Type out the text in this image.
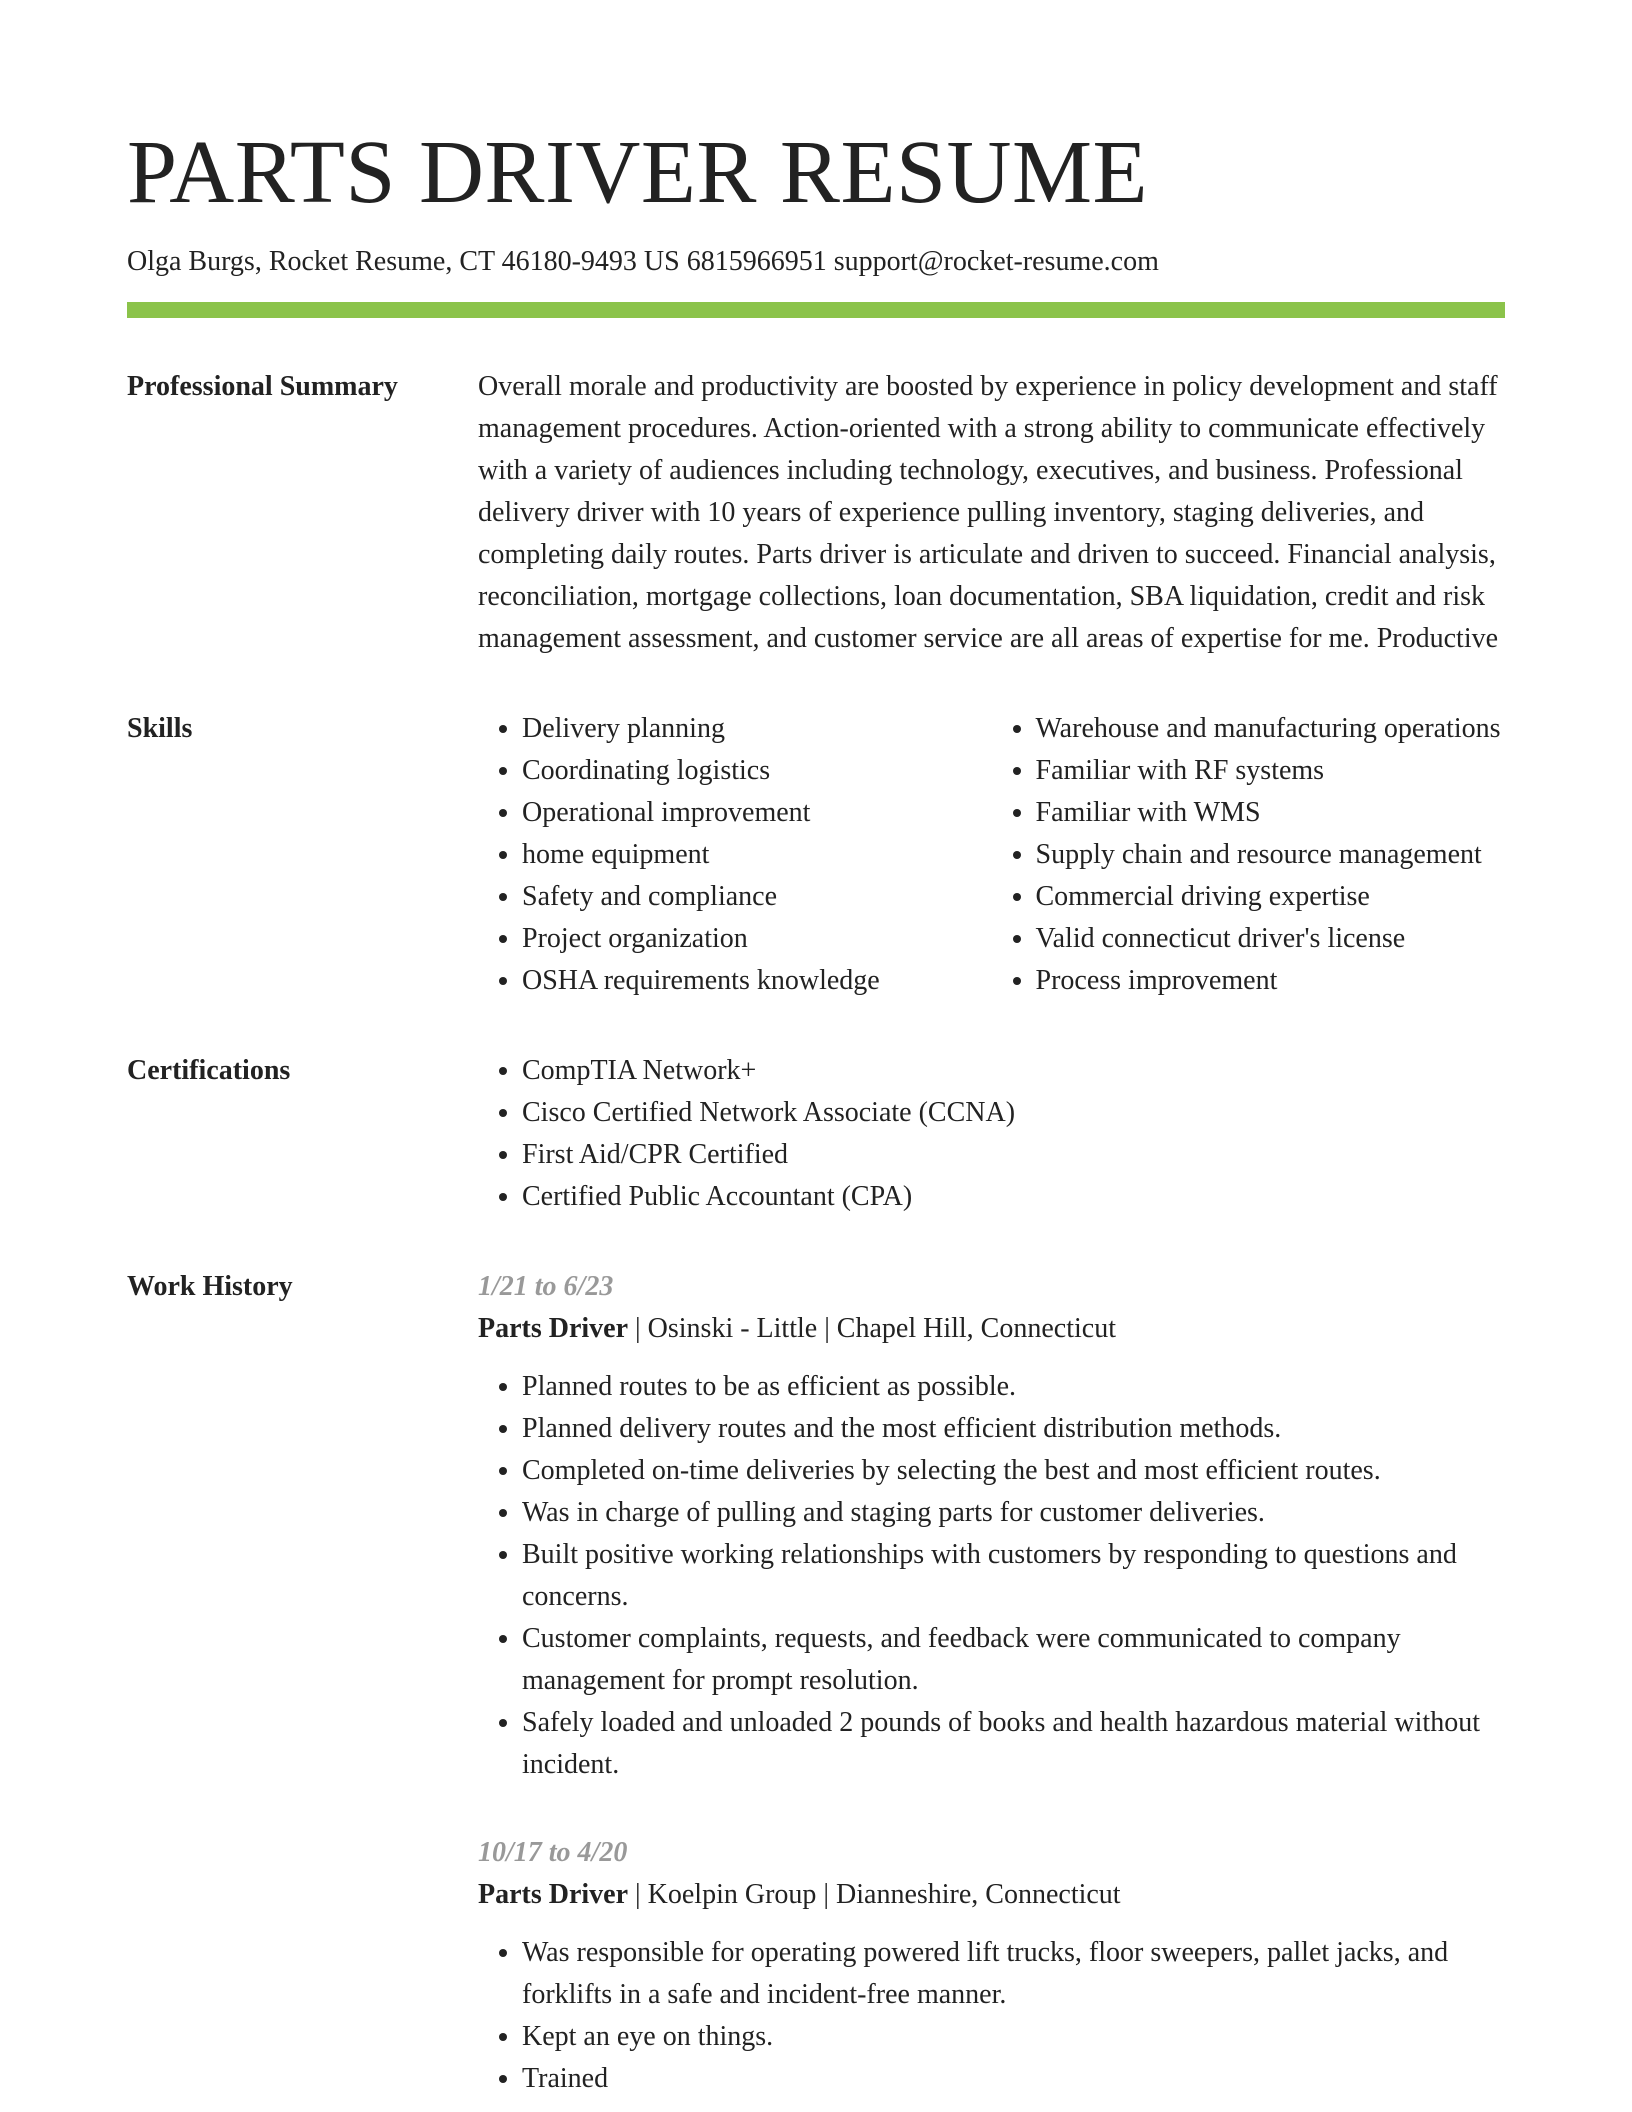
PARTS DRIVER RESUME
Olga Burgs, Rocket Resume, CT 46180-9493 US 6815966951 support@rocket-resume.com
Professional Summary	Overall morale and productivity are boosted by experience in policy development and staff management procedures. Action-oriented with a strong ability to communicate effectively with a variety of audiences including technology, executives, and business. Professional delivery driver with 10 years of experience pulling inventory, staging deliveries, and completing daily routes. Parts driver is articulate and driven to succeed. Financial analysis, reconciliation, mortgage collections, loan documentation, SBA liquidation, credit and risk management assessment, and customer service are all areas of expertise for me. Productive

Skills	• Delivery planning
• Coordinating logistics
• Operational improvement
• home equipment
• Safety and compliance
• Project organization
• OSHA requirements knowledge
• Warehouse and manufacturing operations
• Familiar with RF systems
• Familiar with WMS
• Supply chain and resource management
• Commercial driving expertise
• Valid connecticut driver's license
• Process improvement
Certifications	• CompTIA Network+
• Cisco Certified Network Associate (CCNA)
• First Aid/CPR Certified
• Certified Public Accountant (CPA)
Work History	1/21 to 6/23
Parts Driver | Osinski - Little | Chapel Hill, Connecticut
• Planned routes to be as efficient as possible.
• Planned delivery routes and the most efficient distribution methods.
• Completed on-time deliveries by selecting the best and most efficient routes.
• Was in charge of pulling and staging parts for customer deliveries.
• Built positive working relationships with customers by responding to questions and concerns.
• Customer complaints, requests, and feedback were communicated to company management for prompt resolution.
• Safely loaded and unloaded 2 pounds of books and health hazardous material without incident.
10/17 to 4/20
Parts Driver | Koelpin Group | Dianneshire, Connecticut
• Was responsible for operating powered lift trucks, floor sweepers, pallet jacks, and forklifts in a safe and incident-free manner.
• Kept an eye on things.
• Trained
